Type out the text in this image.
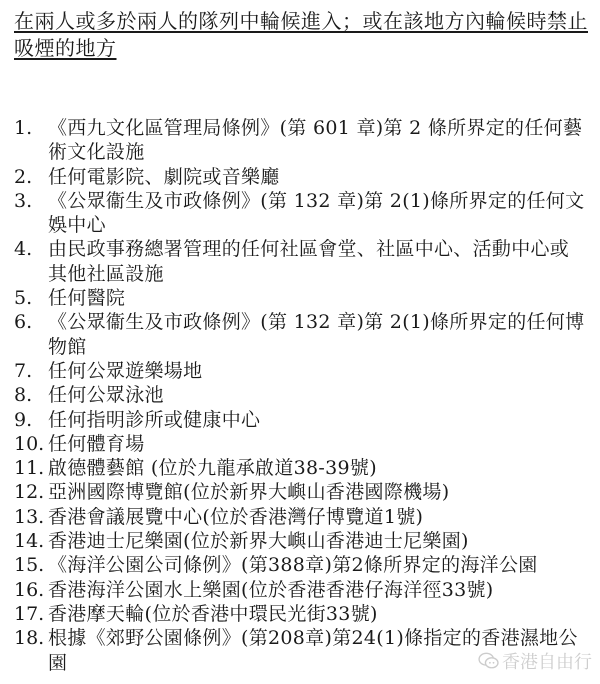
在兩人或多於兩人的隊列中輪候進入；或在該地方內輪候時禁止吸煙的地方
1. 《西九文化區管理局條例》(第 601 章)第 2 條所界定的任何藝術文化設施
2. 任何電影院、劇院或音樂廳
3. 《公眾衞生及市政條例》(第 132 章)第 2(1)條所界定的任何文娛中心
4. 由民政事務總署管理的任何社區會堂、社區中心、活動中心或其他社區設施
5. 任何醫院
6. 《公眾衞生及市政條例》(第 132 章)第 2(1)條所界定的任何博物館
7. 任何公眾遊樂場地
8. 任何公眾泳池
9. 任何指明診所或健康中心
10. 任何體育場
11. 啟德體藝館 (位於九龍承啟道38-39號)
12. 亞洲國際博覽館(位於新界大嶼山香港國際機場)
13. 香港會議展覽中心(位於香港灣仔博覽道1號)
14. 香港迪士尼樂園(位於新界大嶼山香港迪士尼樂園)
15. 《海洋公園公司條例》(第388章)第2條所界定的海洋公園
16. 香港海洋公園水上樂園(位於香港香港仔海洋徑33號)
17. 香港摩天輪(位於香港中環民光街33號)
18. 根據《郊野公園條例》(第208章)第24(1)條指定的香港濕地公園	香港自由行
